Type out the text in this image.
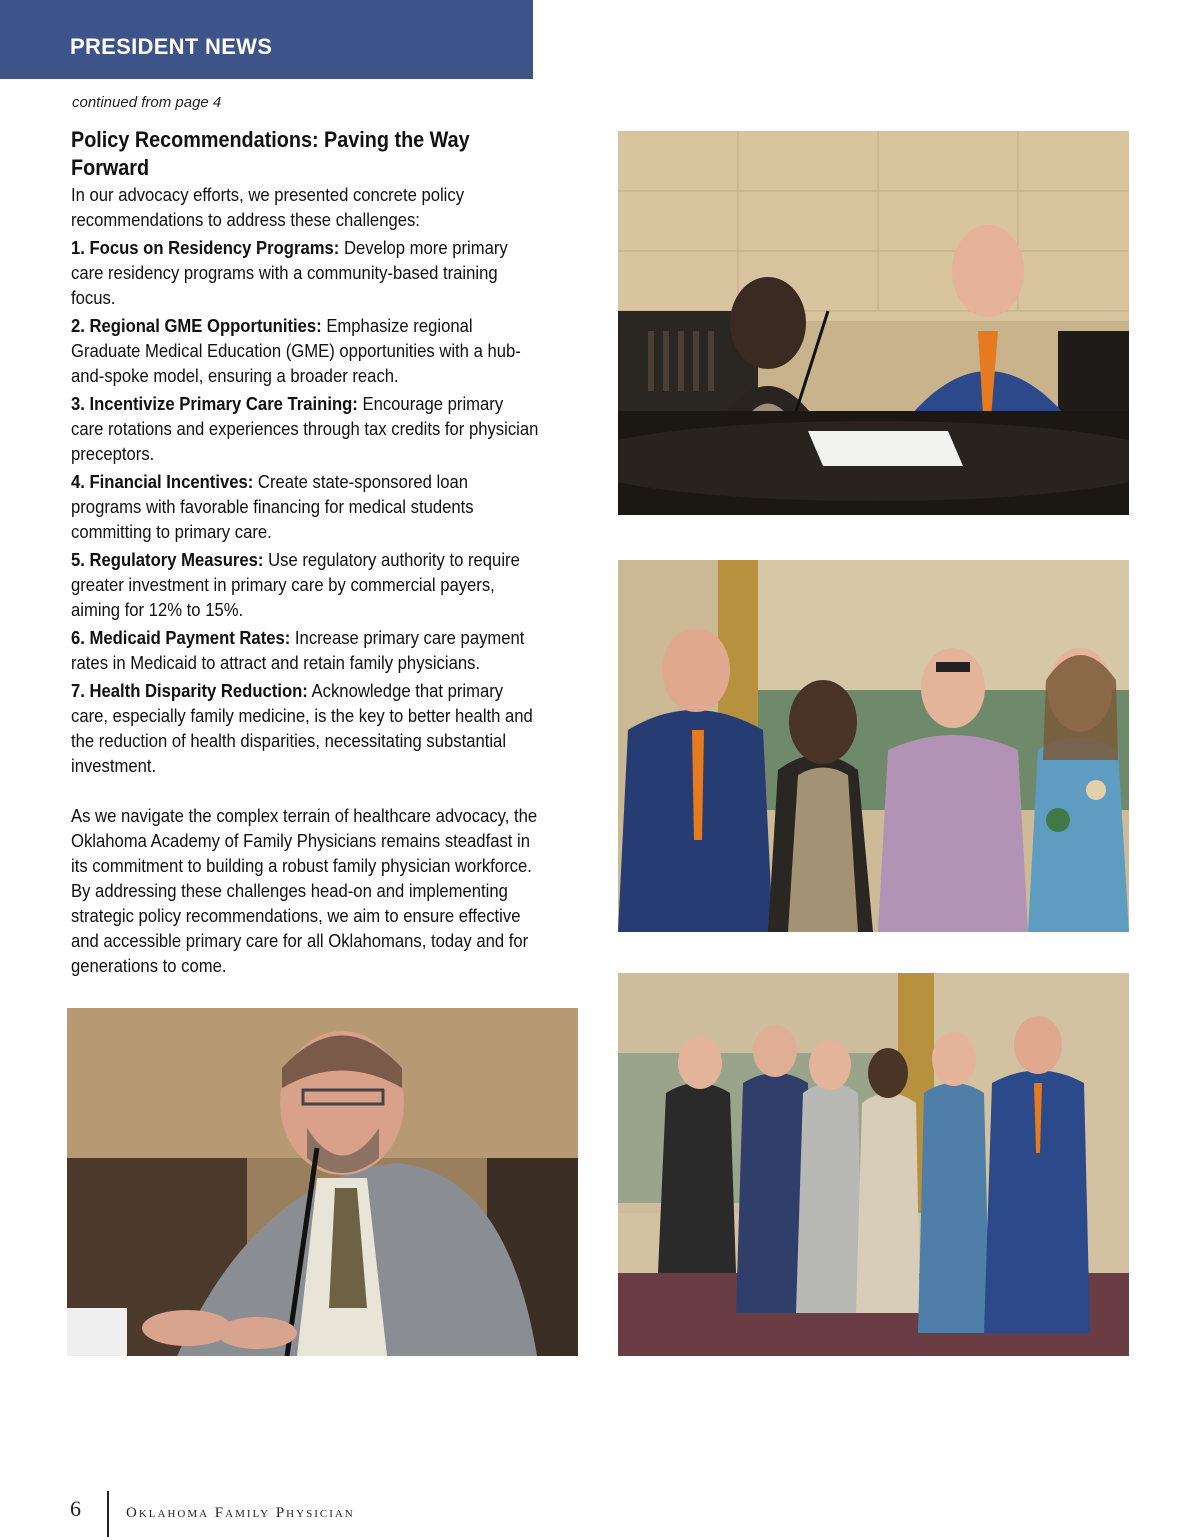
PRESIDENT NEWS
continued from page 4
Policy Recommendations: Paving the Way Forward

In our advocacy efforts, we presented concrete policy recommendations to address these challenges:

1. Focus on Residency Programs: Develop more primary care residency programs with a community-based training focus.
2. Regional GME Opportunities: Emphasize regional Graduate Medical Education (GME) opportunities with a hub-and-spoke model, ensuring a broader reach.
3. Incentivize Primary Care Training: Encourage primary care rotations and experiences through tax credits for physician preceptors.
4. Financial Incentives: Create state-sponsored loan programs with favorable financing for medical students committing to primary care.
5. Regulatory Measures: Use regulatory authority to require greater investment in primary care by commercial payers, aiming for 12% to 15%.
6. Medicaid Payment Rates: Increase primary care payment rates in Medicaid to attract and retain family physicians.
7. Health Disparity Reduction: Acknowledge that primary care, especially family medicine, is the key to better health and the reduction of health disparities, necessitating substantial investment.

As we navigate the complex terrain of healthcare advocacy, the Oklahoma Academy of Family Physicians remains steadfast in its commitment to building a robust family physician workforce. By addressing these challenges head-on and implementing strategic policy recommendations, we aim to ensure effective and accessible primary care for all Oklahomans, today and for generations to come.

6	Oklahoma Family Physician
